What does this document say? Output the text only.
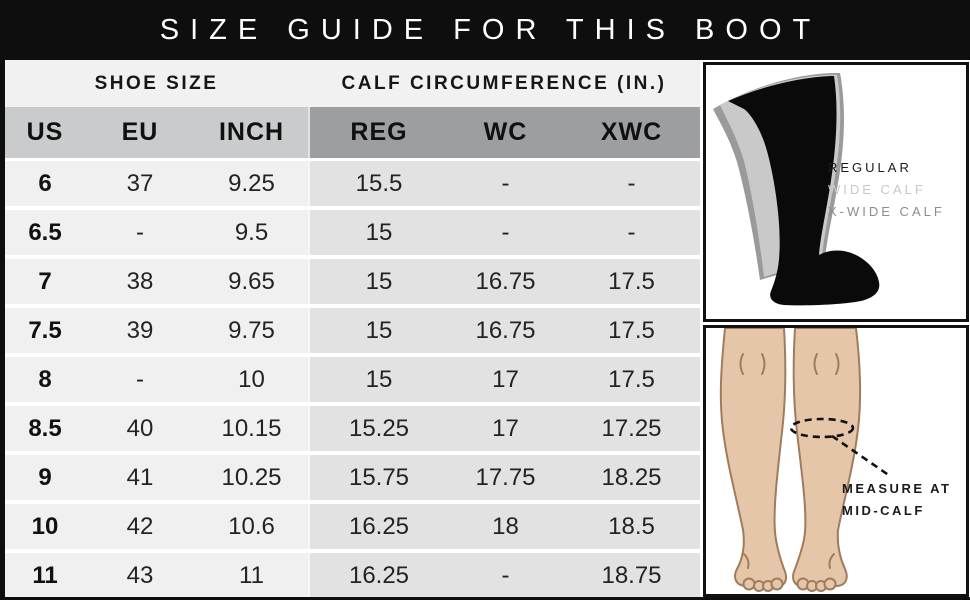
SIZE GUIDE FOR THIS BOOT
SHOE SIZE	CALF CIRCUMFERENCE (IN.)
US	EU	INCH	REG	WC	XWC
6	37	9.25	15.5	-	-
6.5	-	9.5	15	-	-
7	38	9.65	15	16.75	17.5
7.5	39	9.75	15	16.75	17.5
8	-	10	15	17	17.5
8.5	40	10.15	15.25	17	17.25
9	41	10.25	15.75	17.75	18.25
10	42	10.6	16.25	18	18.5
11	43	11	16.25	-	18.75
REGULAR
WIDE CALF
X-WIDE CALF
MEASURE AT
MID-CALF
